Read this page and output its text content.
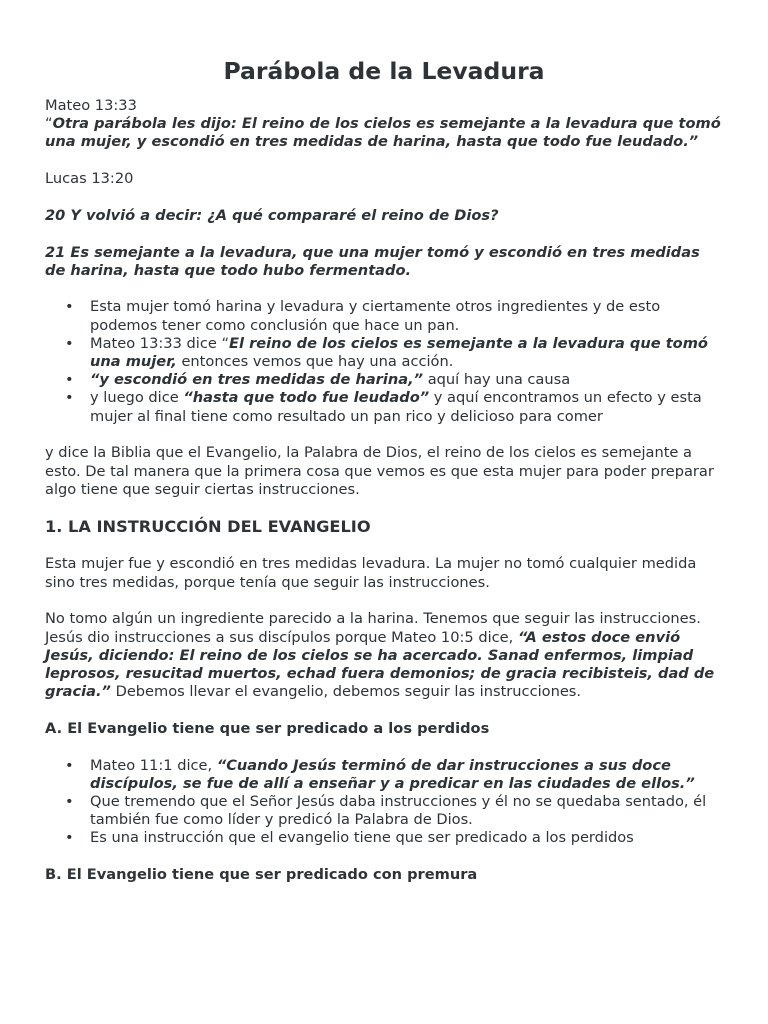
Parábola de la Levadura

Mateo 13:33
“Otra parábola les dijo: El reino de los cielos es semejante a la levadura que tomó una mujer, y escondió en tres medidas de harina, hasta que todo fue leudado.”

Lucas 13:20

20 Y volvió a decir: ¿A qué compararé el reino de Dios?

21 Es semejante a la levadura, que una mujer tomó y escondió en tres medidas de harina, hasta que todo hubo fermentado.

• Esta mujer tomó harina y levadura y ciertamente otros ingredientes y de esto podemos tener como conclusión que hace un pan.
• Mateo 13:33 dice “El reino de los cielos es semejante a la levadura que tomó una mujer, entonces vemos que hay una acción.
• “y escondió en tres medidas de harina,” aquí hay una causa
• y luego dice “hasta que todo fue leudado” y aquí encontramos un efecto y esta mujer al final tiene como resultado un pan rico y delicioso para comer

y dice la Biblia que el Evangelio, la Palabra de Dios, el reino de los cielos es semejante a esto. De tal manera que la primera cosa que vemos es que esta mujer para poder preparar algo tiene que seguir ciertas instrucciones.

1. LA INSTRUCCIÓN DEL EVANGELIO

Esta mujer fue y escondió en tres medidas levadura. La mujer no tomó cualquier medida sino tres medidas, porque tenía que seguir las instrucciones.

No tomo algún un ingrediente parecido a la harina. Tenemos que seguir las instrucciones. Jesús dio instrucciones a sus discípulos porque Mateo 10:5 dice, “A estos doce envió Jesús, diciendo: El reino de los cielos se ha acercado. Sanad enfermos, limpiad leprosos, resucitad muertos, echad fuera demonios; de gracia recibisteis, dad de gracia.” Debemos llevar el evangelio, debemos seguir las instrucciones.

A. El Evangelio tiene que ser predicado a los perdidos
• Mateo 11:1 dice, “Cuando Jesús terminó de dar instrucciones a sus doce discípulos, se fue de allí a enseñar y a predicar en las ciudades de ellos.”
• Que tremendo que el Señor Jesús daba instrucciones y él no se quedaba sentado, él también fue como líder y predicó la Palabra de Dios.
• Es una instrucción que el evangelio tiene que ser predicado a los perdidos
B. El Evangelio tiene que ser predicado con premura
